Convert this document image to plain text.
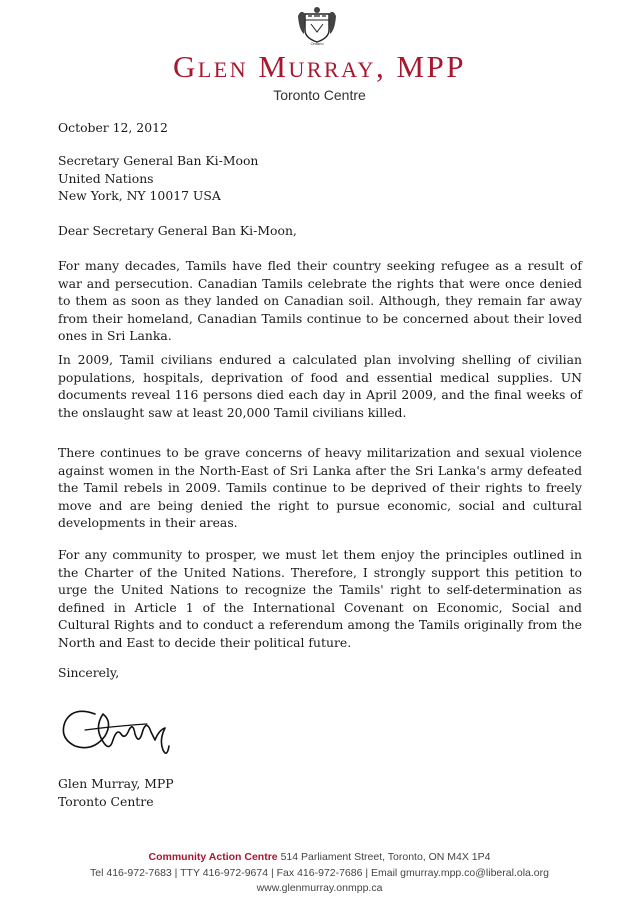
Ontario
Glen Murray, MPP
Toronto Centre
October 12, 2012
Secretary General Ban Ki-Moon
United Nations
New York, NY 10017 USA
Dear Secretary General Ban Ki-Moon,

For many decades, Tamils have fled their country seeking refugee as a result of war and persecution. Canadian Tamils celebrate the rights that were once denied to them as soon as they landed on Canadian soil. Although, they remain far away from their homeland, Canadian Tamils continue to be concerned about their loved ones in Sri Lanka.

In 2009, Tamil civilians endured a calculated plan involving shelling of civilian populations, hospitals, deprivation of food and essential medical supplies. UN documents reveal 116 persons died each day in April 2009, and the final weeks of the onslaught saw at least 20,000 Tamil civilians killed.

There continues to be grave concerns of heavy militarization and sexual violence against women in the North-East of Sri Lanka after the Sri Lanka's army defeated the Tamil rebels in 2009. Tamils continue to be deprived of their rights to freely move and are being denied the right to pursue economic, social and cultural developments in their areas.

For any community to prosper, we must let them enjoy the principles outlined in the Charter of the United Nations. Therefore, I strongly support this petition to urge the United Nations to recognize the Tamils' right to self-determination as defined in Article 1 of the International Covenant on Economic, Social and Cultural Rights and to conduct a referendum among the Tamils originally from the North and East to decide their political future.

Sincerely,
Glen Murray, MPP
Toronto Centre
Community Action Centre 514 Parliament Street, Toronto, ON M4X 1P4
Tel 416-972-7683 | TTY 416-972-9674 | Fax 416-972-7686 | Email gmurray.mpp.co@liberal.ola.org
www.glenmurray.onmpp.ca
